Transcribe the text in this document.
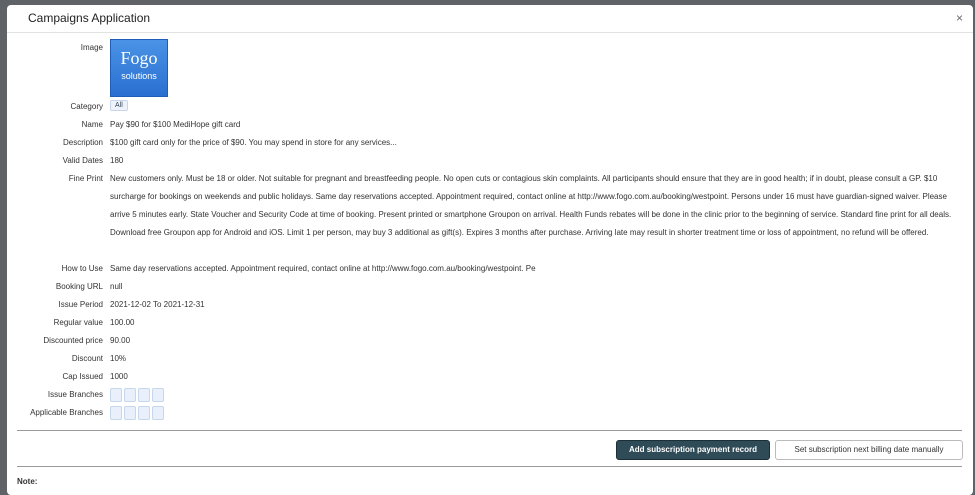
Campaigns Application	×
Image
Fogo
solutions
Category	All
Name Pay $90 for $100 MediHope gift card
Description $100 gift card only for the price of $90. You may spend in store for any services...
Valid Dates 180
Fine Print New customers only. Must be 18 or older. Not suitable for pregnant and breastfeeding people. No open cuts or contagious skin complaints. All participants should ensure that they are in good health; if in doubt, please consult a GP. $10 surcharge for bookings on weekends and public holidays. Same day reservations accepted. Appointment required, contact online at http://www.fogo.com.au/booking/westpoint. Persons under 16 must have guardian-signed waiver. Please arrive 5 minutes early. State Voucher and Security Code at time of booking. Present printed or smartphone Groupon on arrival. Health Funds rebates will be done in the clinic prior to the beginning of service. Standard fine print for all deals. Download free Groupon app for Android and iOS. Limit 1 per person, may buy 3 additional as gift(s). Expires 3 months after purchase. Arriving late may result in shorter treatment time or loss of appointment, no refund will be offered.
How to Use Same day reservations accepted. Appointment required, contact online at http://www.fogo.com.au/booking/westpoint. Pe
Booking URL null
Issue Period 2021-12-02 To 2021-12-31
Regular value 100.00
Discounted price 90.00
Discount 10%
Cap Issued 1000
Issue Branches
Applicable Branches
Add subscription payment record	Set subscription next billing date manually
Note:
